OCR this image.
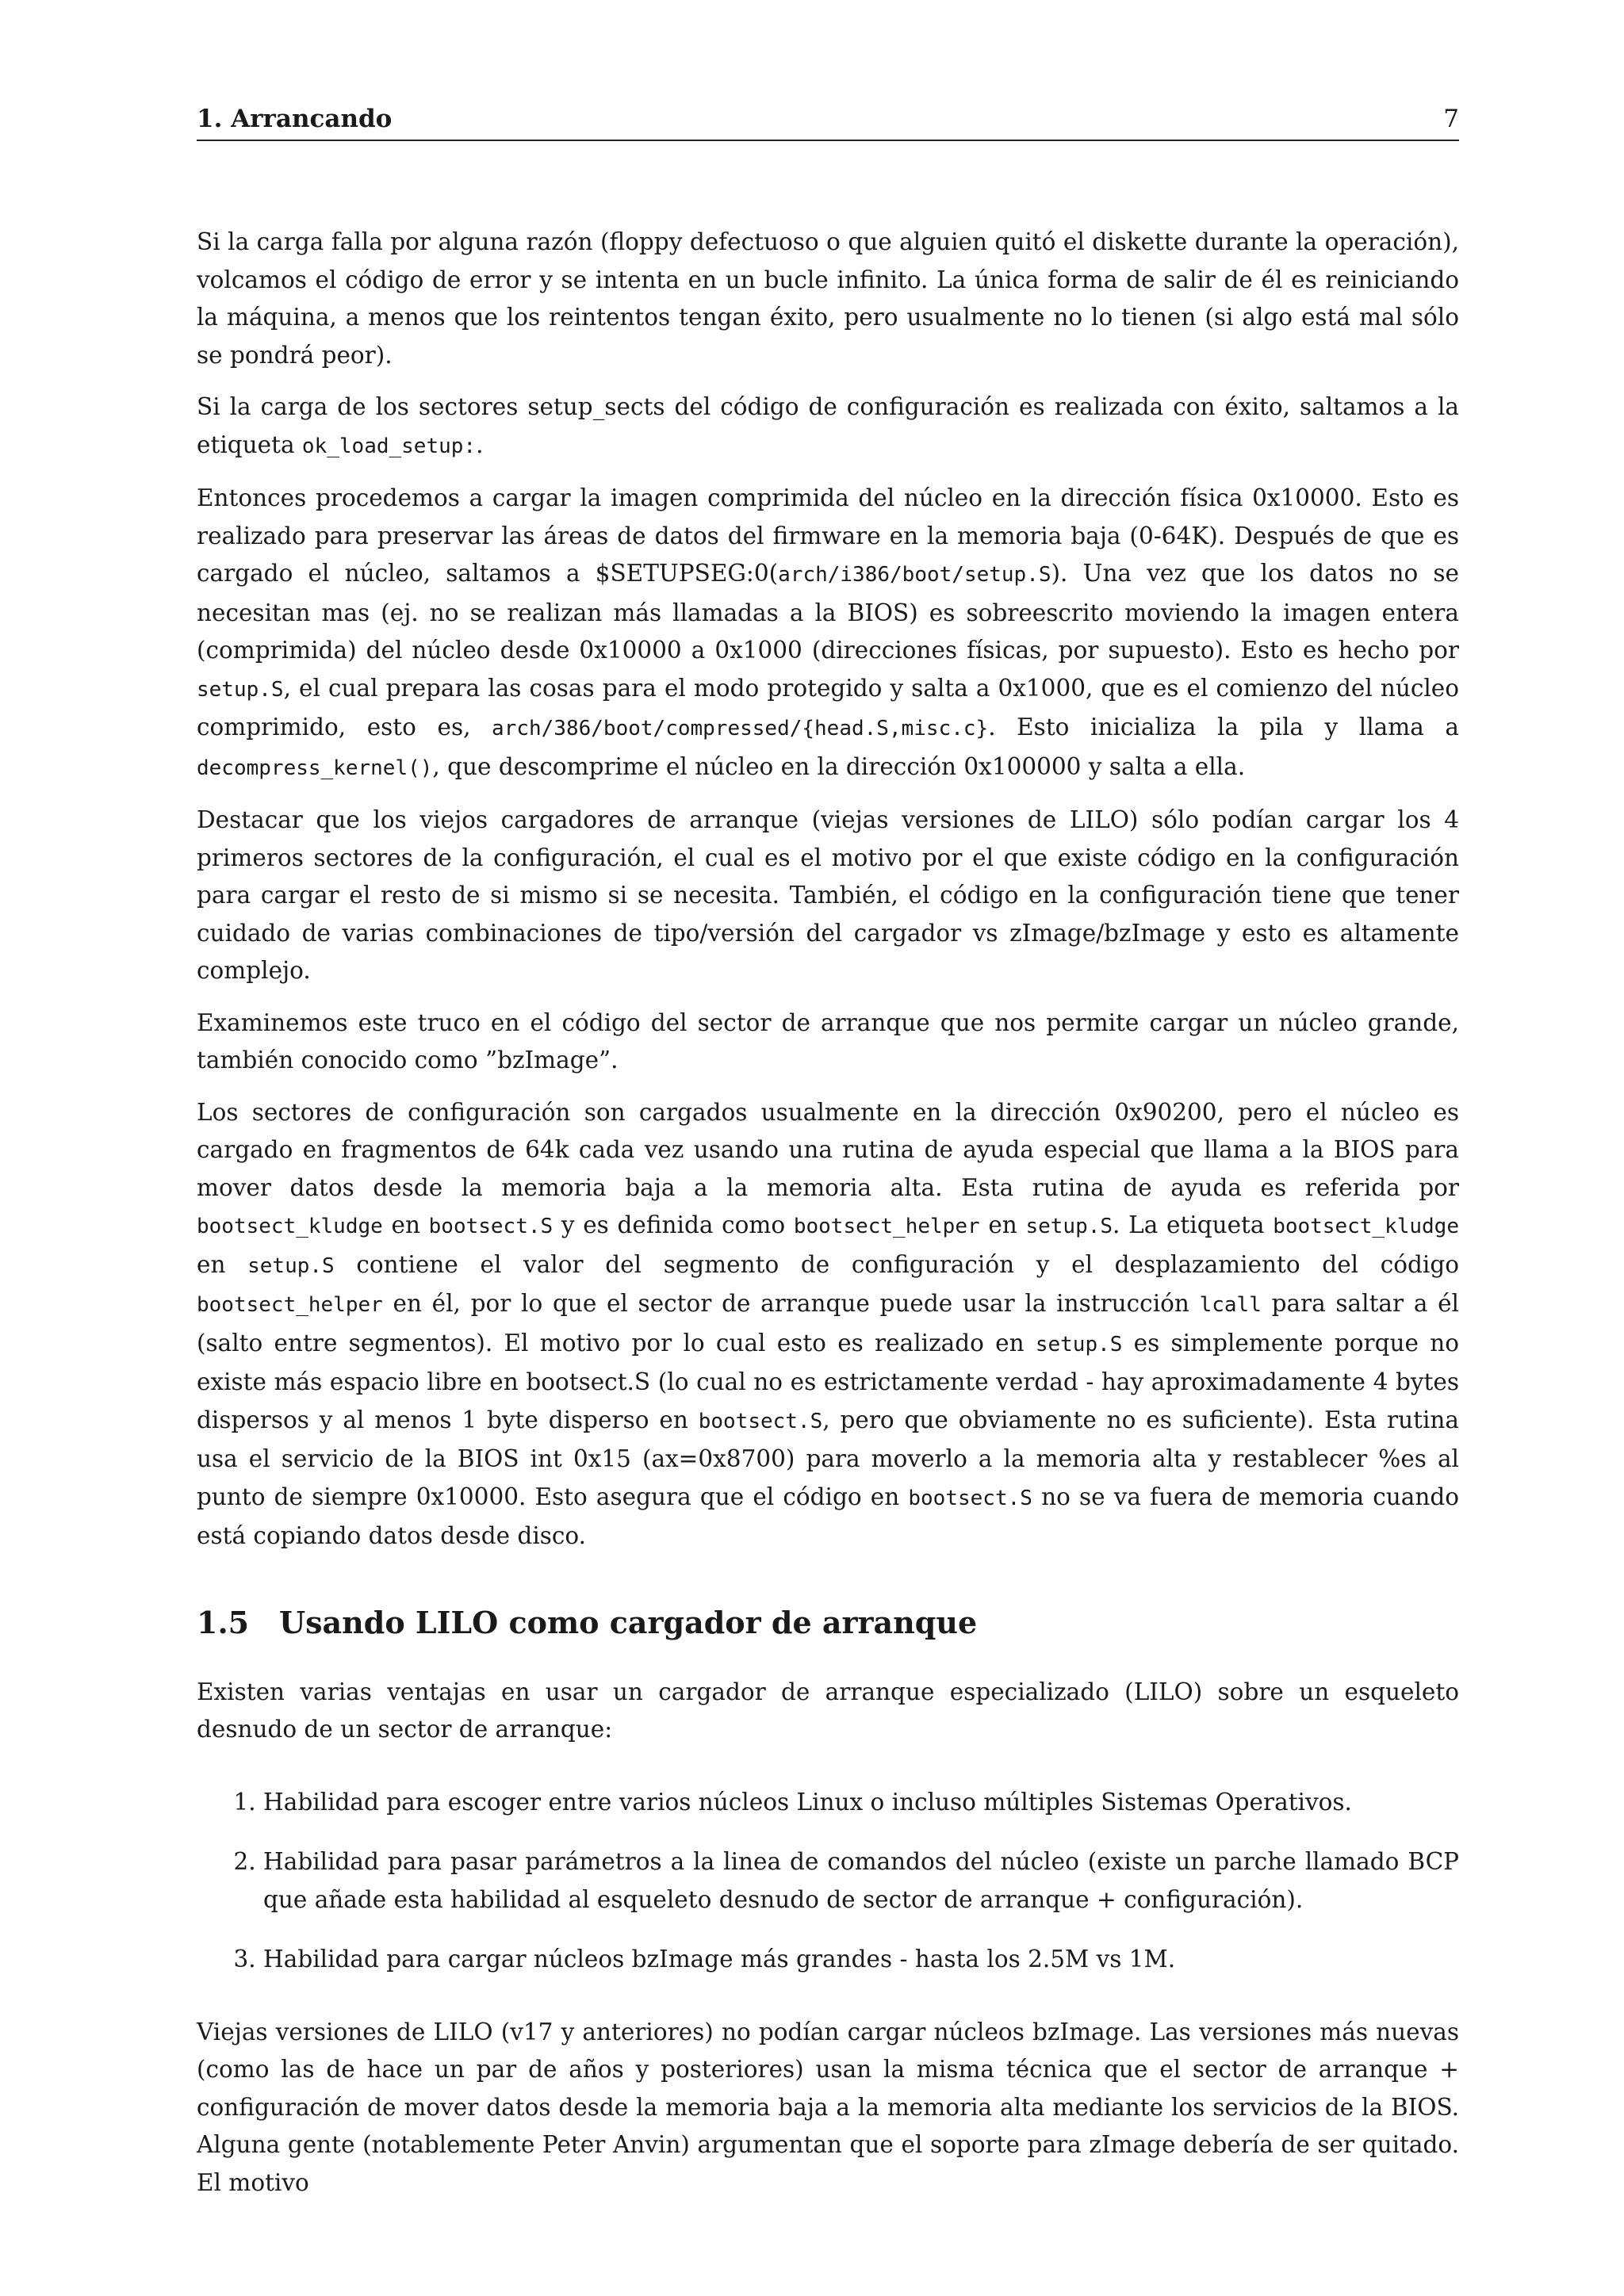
1. Arrancando	7

Si la carga falla por alguna razón (floppy defectuoso o que alguien quitó el diskette durante la operación), volcamos el código de error y se intenta en un bucle infinito. La única forma de salir de él es reiniciando la máquina, a menos que los reintentos tengan éxito, pero usualmente no lo tienen (si algo está mal sólo se pondrá peor).

Si la carga de los sectores setup_sects del código de configuración es realizada con éxito, saltamos a la etiqueta ok_load_setup:.

Entonces procedemos a cargar la imagen comprimida del núcleo en la dirección física 0x10000. Esto es realizado para preservar las áreas de datos del firmware en la memoria baja (0-64K). Después de que es cargado el núcleo, saltamos a $SETUPSEG:0(arch/i386/boot/setup.S). Una vez que los datos no se necesitan mas (ej. no se realizan más llamadas a la BIOS) es sobreescrito moviendo la imagen entera (comprimida) del núcleo desde 0x10000 a 0x1000 (direcciones físicas, por supuesto). Esto es hecho por setup.S, el cual prepara las cosas para el modo protegido y salta a 0x1000, que es el comienzo del núcleo comprimido, esto es, arch/386/boot/compressed/{head.S,misc.c}. Esto inicializa la pila y llama a decompress_kernel(), que descomprime el núcleo en la dirección 0x100000 y salta a ella.

Destacar que los viejos cargadores de arranque (viejas versiones de LILO) sólo podían cargar los 4 primeros sectores de la configuración, el cual es el motivo por el que existe código en la configuración para cargar el resto de si mismo si se necesita. También, el código en la configuración tiene que tener cuidado de varias combinaciones de tipo/versión del cargador vs zImage/bzImage y esto es altamente complejo.

Examinemos este truco en el código del sector de arranque que nos permite cargar un núcleo grande, también conocido como ”bzImage”.

Los sectores de configuración son cargados usualmente en la dirección 0x90200, pero el núcleo es cargado en fragmentos de 64k cada vez usando una rutina de ayuda especial que llama a la BIOS para mover datos desde la memoria baja a la memoria alta. Esta rutina de ayuda es referida por bootsect_kludge en bootsect.S y es definida como bootsect_helper en setup.S. La etiqueta bootsect_kludge en setup.S contiene el valor del segmento de configuración y el desplazamiento del código bootsect_helper en él, por lo que el sector de arranque puede usar la instrucción lcall para saltar a él (salto entre segmentos). El motivo por lo cual esto es realizado en setup.S es simplemente porque no existe más espacio libre en bootsect.S (lo cual no es estrictamente verdad - hay aproximadamente 4 bytes dispersos y al menos 1 byte disperso en bootsect.S, pero que obviamente no es suficiente). Esta rutina usa el servicio de la BIOS int 0x15 (ax=0x8700) para moverlo a la memoria alta y restablecer %es al punto de siempre 0x10000. Esto asegura que el código en bootsect.S no se va fuera de memoria cuando está copiando datos desde disco.

1.5 Usando LILO como cargador de arranque

Existen varias ventajas en usar un cargador de arranque especializado (LILO) sobre un esqueleto desnudo de un sector de arranque:

1. Habilidad para escoger entre varios núcleos Linux o incluso múltiples Sistemas Operativos.
2. Habilidad para pasar parámetros a la linea de comandos del núcleo (existe un parche llamado BCP que añade esta habilidad al esqueleto desnudo de sector de arranque + configuración).
3. Habilidad para cargar núcleos bzImage más grandes - hasta los 2.5M vs 1M.

Viejas versiones de LILO (v17 y anteriores) no podían cargar núcleos bzImage. Las versiones más nuevas (como las de hace un par de años y posteriores) usan la misma técnica que el sector de arranque + configuración de mover datos desde la memoria baja a la memoria alta mediante los servicios de la BIOS. Alguna gente (notablemente Peter Anvin) argumentan que el soporte para zImage debería de ser quitado. El motivo
